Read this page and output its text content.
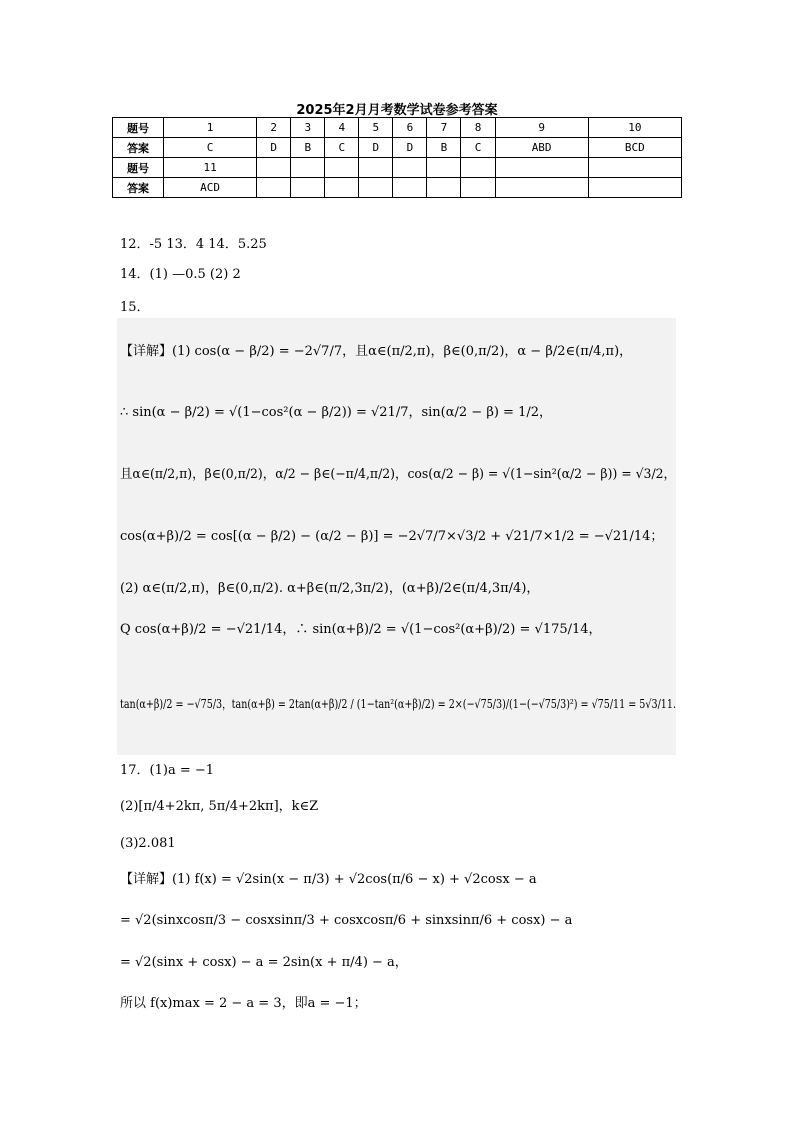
2025年2月月考数学试卷参考答案
题号	1	2	3	4	5	6	7	8	9	10
答案	C	D	B	C	D	D	B	C	ABD	BCD
题号	11									
答案	ACD									
12．-5 13．4 14．5.25
14．(1) —0.5 (2) 2
15．
【详解】(1) cos(α − β/2) = −2√7/7，且α∈(π/2,π)，β∈(0,π/2)，α − β/2∈(π/4,π)，
∴ sin(α − β/2) = √(1−cos²(α − β/2)) = √21/7，sin(α/2 − β) = 1/2，
且α∈(π/2,π)，β∈(0,π/2)，α/2 − β∈(−π/4,π/2)，cos(α/2 − β) = √(1−sin²(α/2 − β)) = √3/2，
cos(α+β)/2 = cos[(α − β/2) − (α/2 − β)] = −2√7/7×√3/2 + √21/7×1/2 = −√21/14；
(2) α∈(π/2,π)，β∈(0,π/2). α+β∈(π/2,3π/2)，(α+β)/2∈(π/4,3π/4)，
Q cos(α+β)/2 = −√21/14，∴ sin(α+β)/2 = √(1−cos²(α+β)/2) = √175/14，
tan(α+β)/2 = −√75/3，tan(α+β) = 2tan(α+β)/2 / (1−tan²(α+β)/2) = 2×(−√75/3)/(1−(−√75/3)²) = √75/11 = 5√3/11.
17．(1)a = −1
(2)[π/4+2kπ, 5π/4+2kπ]，k∈Z
(3)2.081
【详解】(1) f(x) = √2sin(x − π/3) + √2cos(π/6 − x) + √2cosx − a
= √2(sinxcosπ/3 − cosxsinπ/3 + cosxcosπ/6 + sinxsinπ/6 + cosx) − a
= √2(sinx + cosx) − a = 2sin(x + π/4) − a，
所以 f(x)max = 2 − a = 3，即a = −1；
